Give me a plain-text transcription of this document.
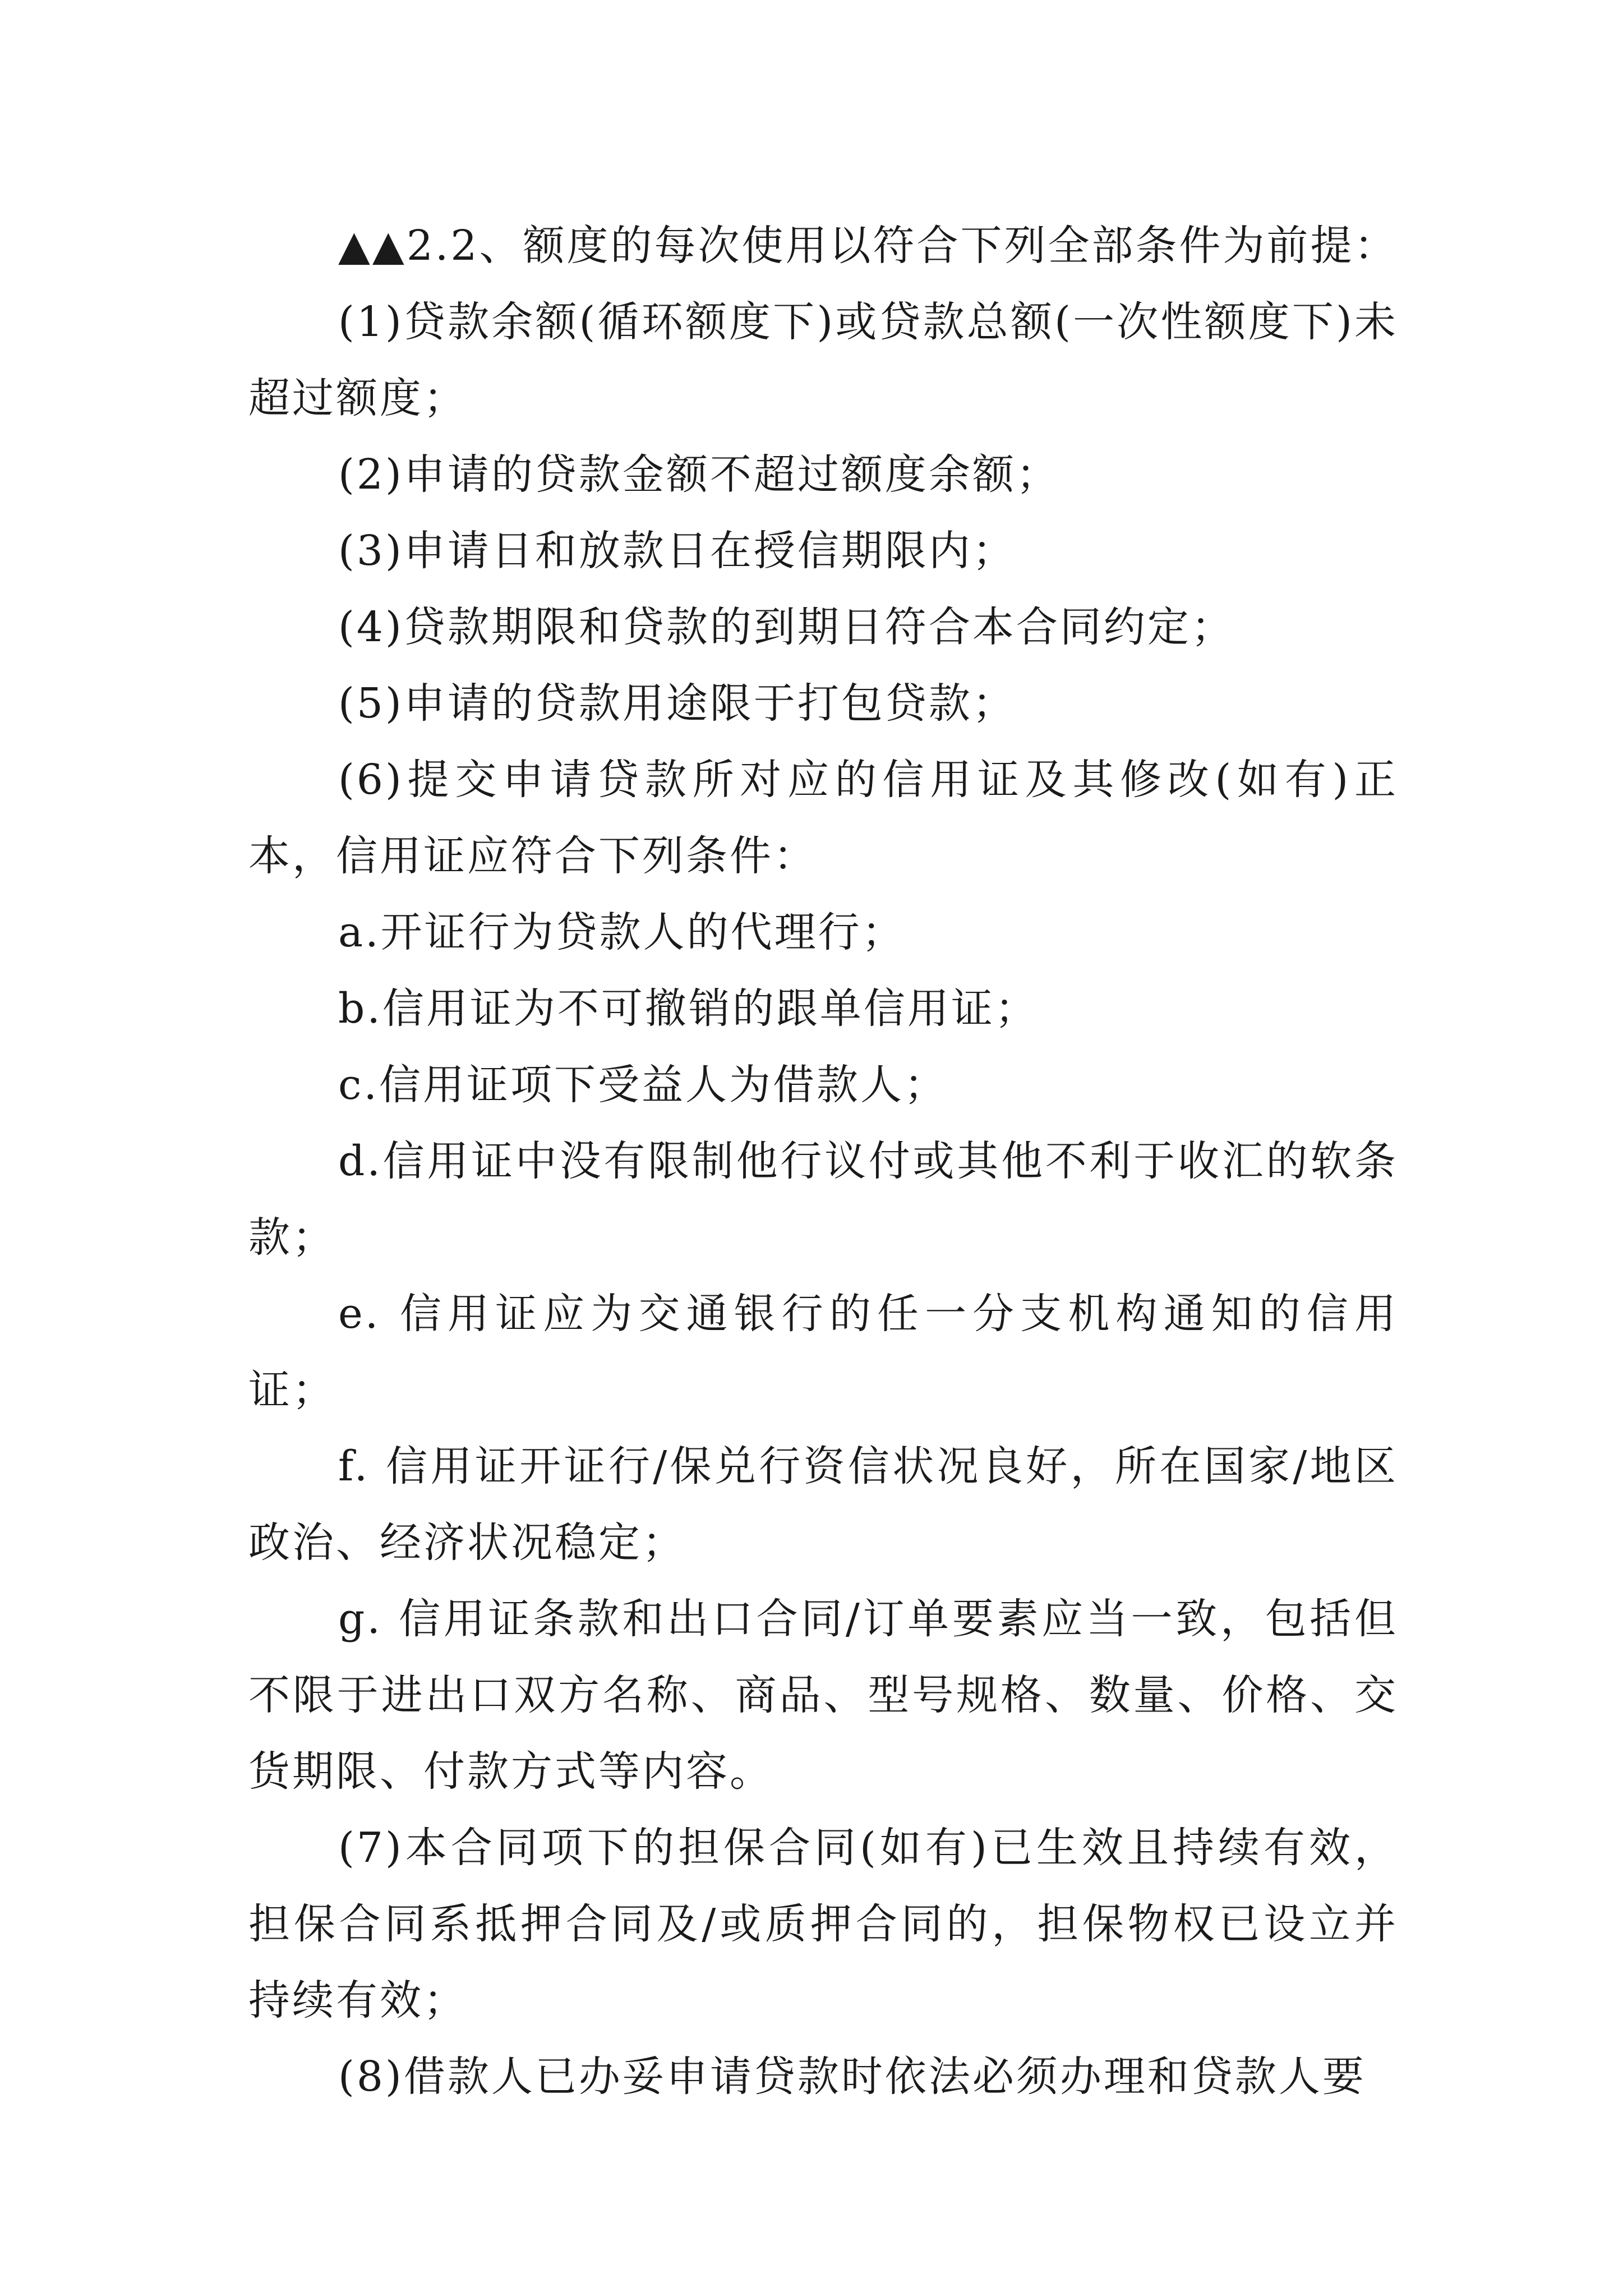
▲▲2.2、额度的每次使用以符合下列全部条件为前提：

(1)贷款余额(循环额度下)或贷款总额(一次性额度下)未超过额度；

(2)申请的贷款金额不超过额度余额；

(3)申请日和放款日在授信期限内；

(4)贷款期限和贷款的到期日符合本合同约定；

(5)申请的贷款用途限于打包贷款；

(6)提交申请贷款所对应的信用证及其修改(如有)正本，信用证应符合下列条件：

a.开证行为贷款人的代理行；

b.信用证为不可撤销的跟单信用证；

c.信用证项下受益人为借款人；

d.信用证中没有限制他行议付或其他不利于收汇的软条款；

e. 信用证应为交通银行的任一分支机构通知的信用证；

f. 信用证开证行/保兑行资信状况良好，所在国家/地区政治、经济状况稳定；

g. 信用证条款和出口合同/订单要素应当一致，包括但不限于进出口双方名称、商品、型号规格、数量、价格、交货期限、付款方式等内容。

(7)本合同项下的担保合同(如有)已生效且持续有效，担保合同系抵押合同及/或质押合同的，担保物权已设立并持续有效；

(8)借款人已办妥申请贷款时依法必须办理和贷款人要
